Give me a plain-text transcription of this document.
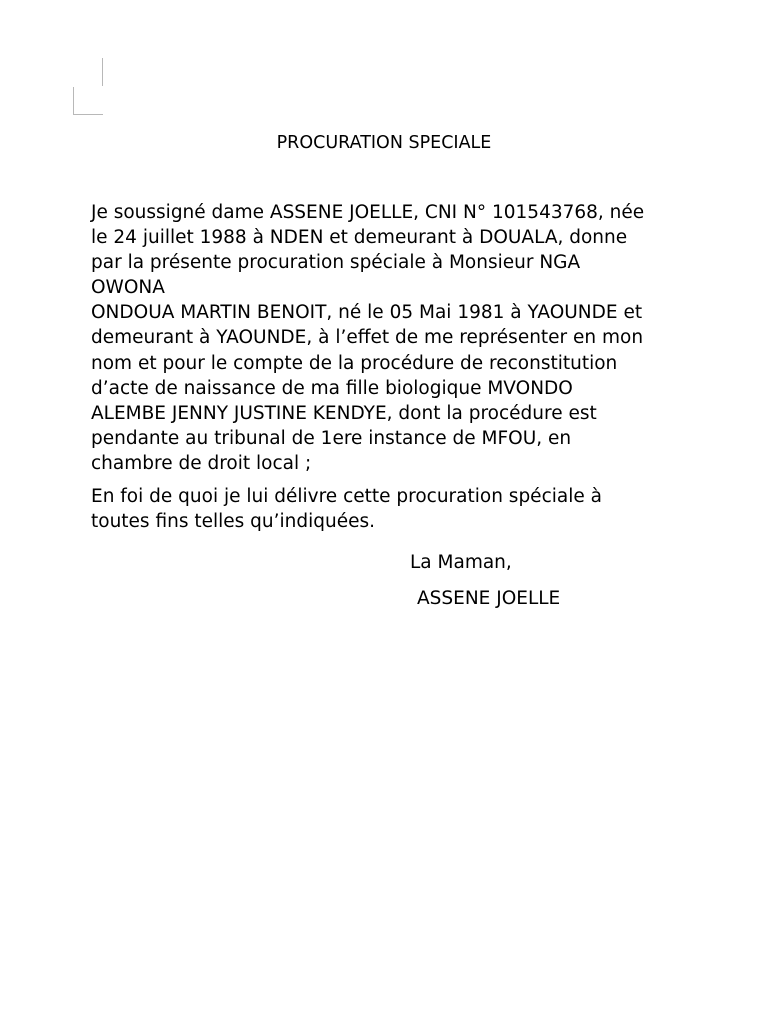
PROCURATION SPECIALE
Je soussigné dame ASSENE JOELLE, CNI N° 101543768, née
le 24 juillet 1988 à NDEN et demeurant à DOUALA, donne
par la présente procuration spéciale à Monsieur NGA
OWONA
ONDOUA MARTIN BENOIT, né le 05 Mai 1981 à YAOUNDE et
demeurant à YAOUNDE, à l’effet de me représenter en mon
nom et pour le compte de la procédure de reconstitution
d’acte de naissance de ma fille biologique MVONDO
ALEMBE JENNY JUSTINE KENDYE, dont la procédure est
pendante au tribunal de 1ere instance de MFOU, en
chambre de droit local ;
En foi de quoi je lui délivre cette procuration spéciale à
toutes fins telles qu’indiquées.
La Maman,
ASSENE JOELLE
